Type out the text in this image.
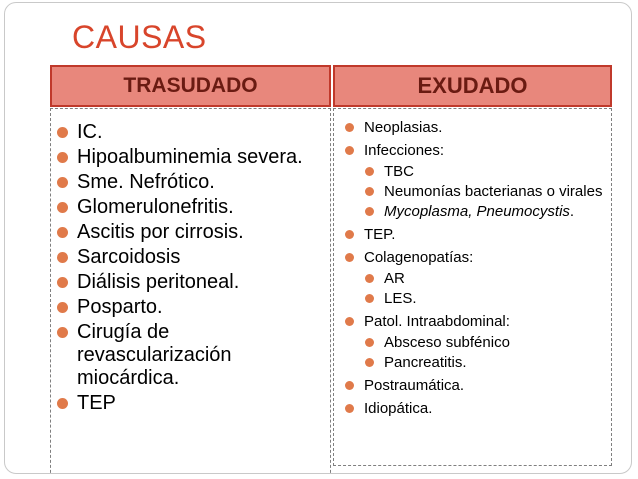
CAUSAS
TRASUDADO	EXUDADO
IC.
Hipoalbuminemia severa.
Sme. Nefrótico.
Glomerulonefritis.
Ascitis por cirrosis.
Sarcoidosis
Diálisis peritoneal.
Posparto.
Cirugía de revascularización miocárdica.
TEP
Neoplasias.
Infecciones:
TBC
Neumonías bacterianas o virales
Mycoplasma, Pneumocystis.
TEP.
Colagenopatías:
AR
LES.
Patol. Intraabdominal:
Absceso subfénico
Pancreatitis.
Postraumática.
Idiopática.
